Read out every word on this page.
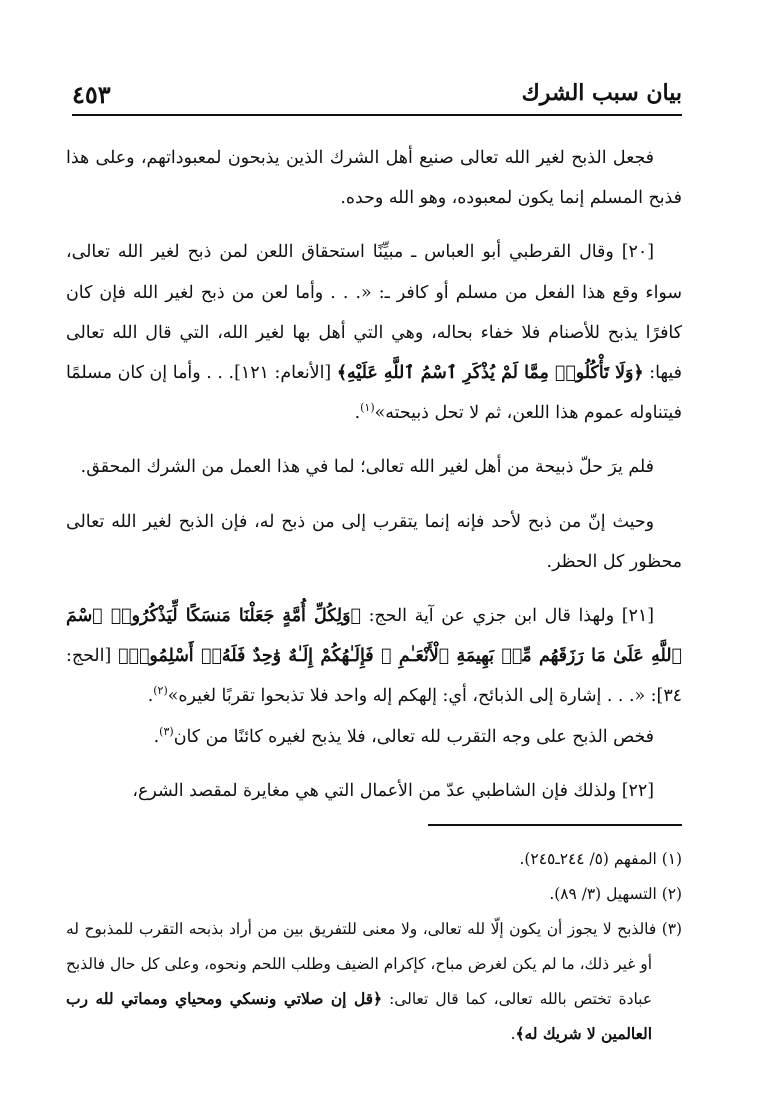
بيان سبب الشرك
٤٥٣

فجعل الذبح لغير الله تعالى صنيع أهل الشرك الذين يذبحون لمعبوداتهم، وعلى هذا فذبح المسلم إنما يكون لمعبوده، وهو الله وحده.

[٢٠] وقال القرطبي أبو العباس ـ مبيِّنًا استحقاق اللعن لمن ذبح لغير الله تعالى، سواء وقع هذا الفعل من مسلم أو كافر ـ: «. . . وأما لعن من ذبح لغير الله فإن كان كافرًا يذبح للأصنام فلا خفاء بحاله، وهي التي أهل بها لغير الله، التي قال الله تعالى فيها: ﴿وَلَا تَأْكُلُوا۟ مِمَّا لَمْ يُذْكَرِ ٱسْمُ ٱللَّهِ عَلَيْهِ﴾ [الأنعام: ١٢١]. . . وأما إن كان مسلمًا فيتناوله عموم هذا اللعن، ثم لا تحل ذبيحته»$^{(١)}$.

فلم يرَ حلّ ذبيحة من أهل لغير الله تعالى؛ لما في هذا العمل من الشرك المحقق.

وحيث إنّ من ذبح لأحد فإنه إنما يتقرب إلى من ذبح له، فإن الذبح لغير الله تعالى محظور كل الحظر.

[٢١] ولهذا قال ابن جزي عن آية الحج: ﴿وَلِكُلِّ أُمَّةٍ جَعَلْنَا مَنسَكًا لِّيَذْكُرُوا۟ ٱسْمَ ٱللَّهِ عَلَىٰ مَا رَزَقَهُم مِّنۢ بَهِيمَةِ ٱلْأَنْعَـٰمِ ۗ فَإِلَـٰهُكُمْ إِلَـٰهٌ وَٰحِدٌ فَلَهُۥٓ أَسْلِمُوا۟﴾ [الحج: ٣٤]: «. . . إشارة إلى الذبائح، أي: إلهكم إله واحد فلا تذبحوا تقربًا لغيره»$^{(٢)}$.

فخص الذبح على وجه التقرب لله تعالى، فلا يذبح لغيره كائنًا من كان$^{(٣)}$.

[٢٢] ولذلك فإن الشاطبي عدّ من الأعمال التي هي مغايرة لمقصد الشرع،

(١) المفهم (٥/ ٢٤٤ـ٢٤٥).

(٢) التسهيل (٣/ ٨٩).

(٣) فالذبح لا يجوز أن يكون إلّا لله تعالى، ولا معنى للتفريق بين من أراد بذبحه التقرب للمذبوح له أو غير ذلك، ما لم يكن لغرض مباح، كإكرام الضيف وطلب اللحم ونحوه، وعلى كل حال فالذبح عبادة تختص بالله تعالى، كما قال تعالى: ﴿قل إن صلاتي ونسكي ومحياي ومماتي لله رب العالمين لا شريك له﴾.
